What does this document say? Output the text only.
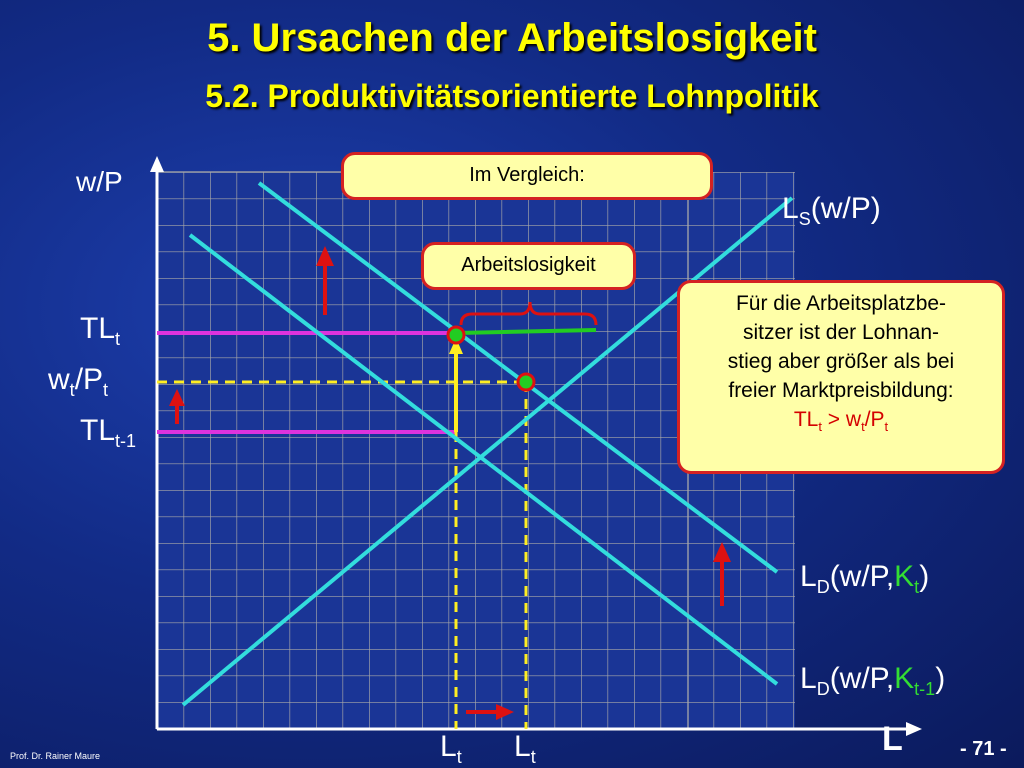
5. Ursachen der Arbeitslosigkeit
5.2. Produktivitätsorientierte Lohnpolitik
w/P
L
$TL_t$
$w_t/P_t$
$TL_{t-1}$
$L_S(w/P)$
$L_D(w/P,K_t)$
$L_D(w/P,K_{t-1})$
$L_t$ $L_t$
Im Vergleich:
Arbeitslosigkeit
Für die Arbeitsplatzbe-
sitzer ist der Lohnan-
stieg aber größer als bei
freier Marktpreisbildung:
$TL_t > w_t/P_t$
Prof. Dr. Rainer Maure	- 71 -
